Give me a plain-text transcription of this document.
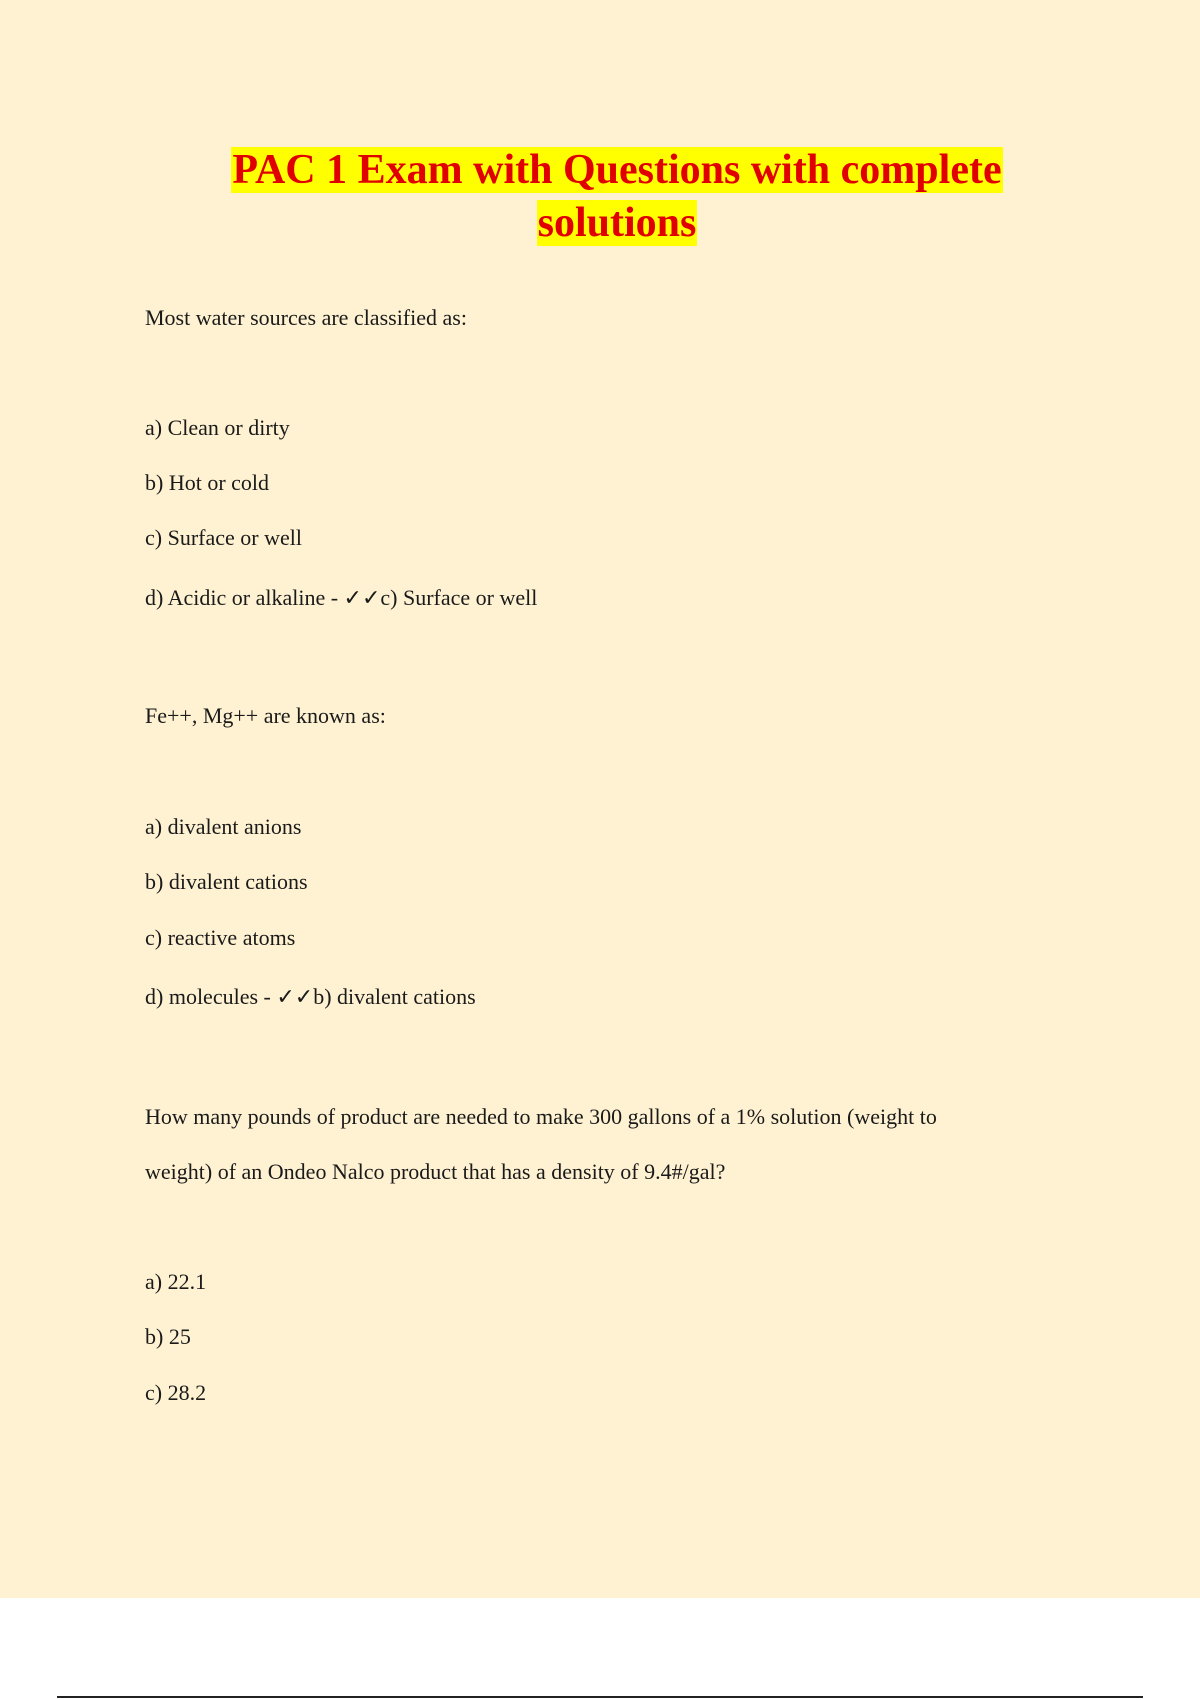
PAC 1 Exam with Questions with complete
solutions
Most water sources are classified as:
a) Clean or dirty
b) Hot or cold
c) Surface or well
d) Acidic or alkaline - ✓✓c) Surface or well
Fe++, Mg++ are known as:
a) divalent anions
b) divalent cations
c) reactive atoms
d) molecules - ✓✓b) divalent cations
How many pounds of product are needed to make 300 gallons of a 1% solution (weight to
weight) of an Ondeo Nalco product that has a density of 9.4#/gal?
a) 22.1
b) 25
c) 28.2
